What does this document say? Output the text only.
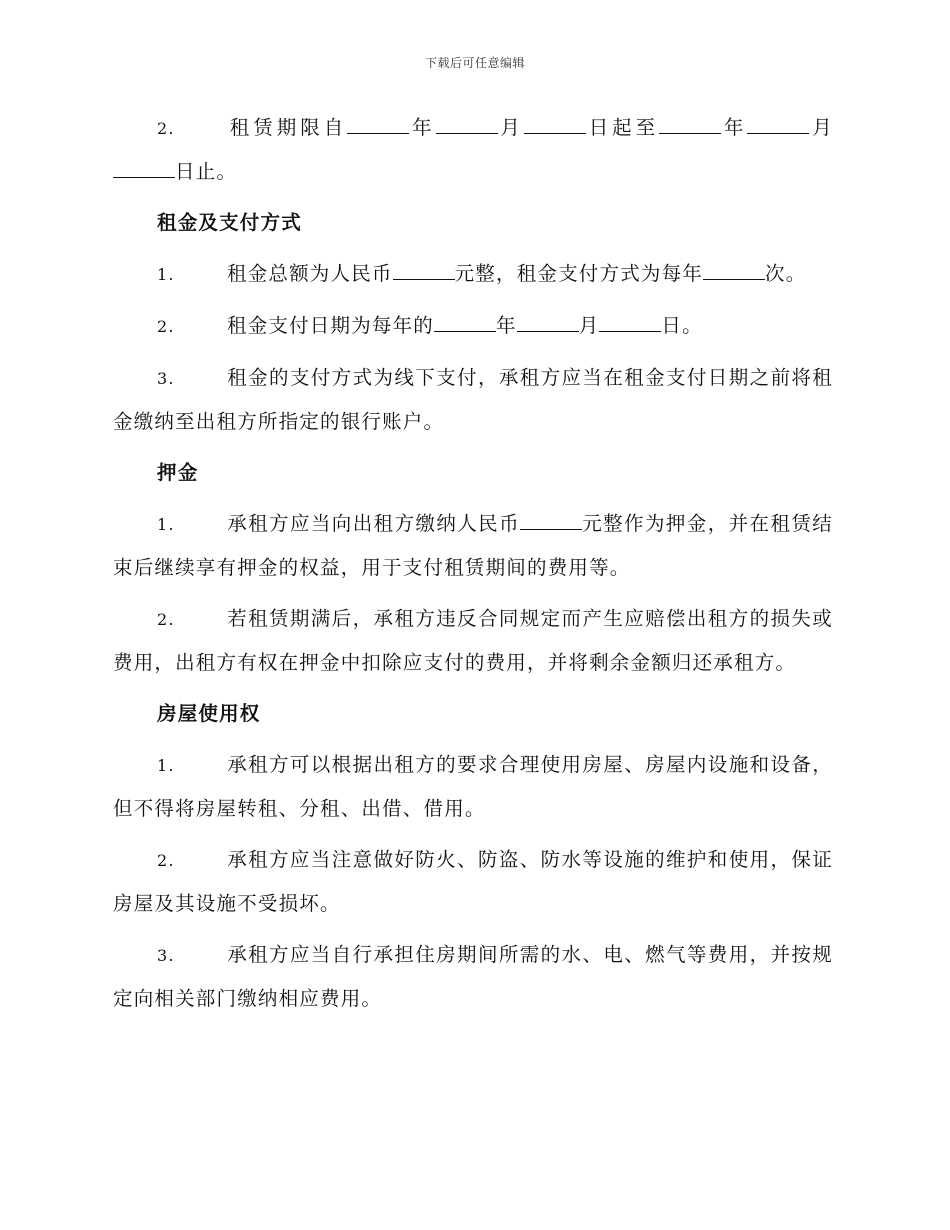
下载后可任意编辑
2.	租赁期限自	年	月	日起至	年	月日止。
租金及支付方式
1.	租金总额为人民币	元整，租金支付方式为每年	次。
2.	租金支付日期为每年的	年	月	日。
3.	租金的支付方式为线下支付，承租方应当在租金支付日期之前将租金缴纳至出租方所指定的银行账户。
押金
1.	承租方应当向出租方缴纳人民币	元整作为押金，并在租赁结束后继续享有押金的权益，用于支付租赁期间的费用等。
2.	若租赁期满后，承租方违反合同规定而产生应赔偿出租方的损失或费用，出租方有权在押金中扣除应支付的费用，并将剩余金额归还承租方。
房屋使用权
1.	承租方可以根据出租方的要求合理使用房屋、房屋内设施和设备，但不得将房屋转租、分租、出借、借用。
2.	承租方应当注意做好防火、防盗、防水等设施的维护和使用，保证房屋及其设施不受损坏。
3.	承租方应当自行承担住房期间所需的水、电、燃气等费用，并按规定向相关部门缴纳相应费用。
